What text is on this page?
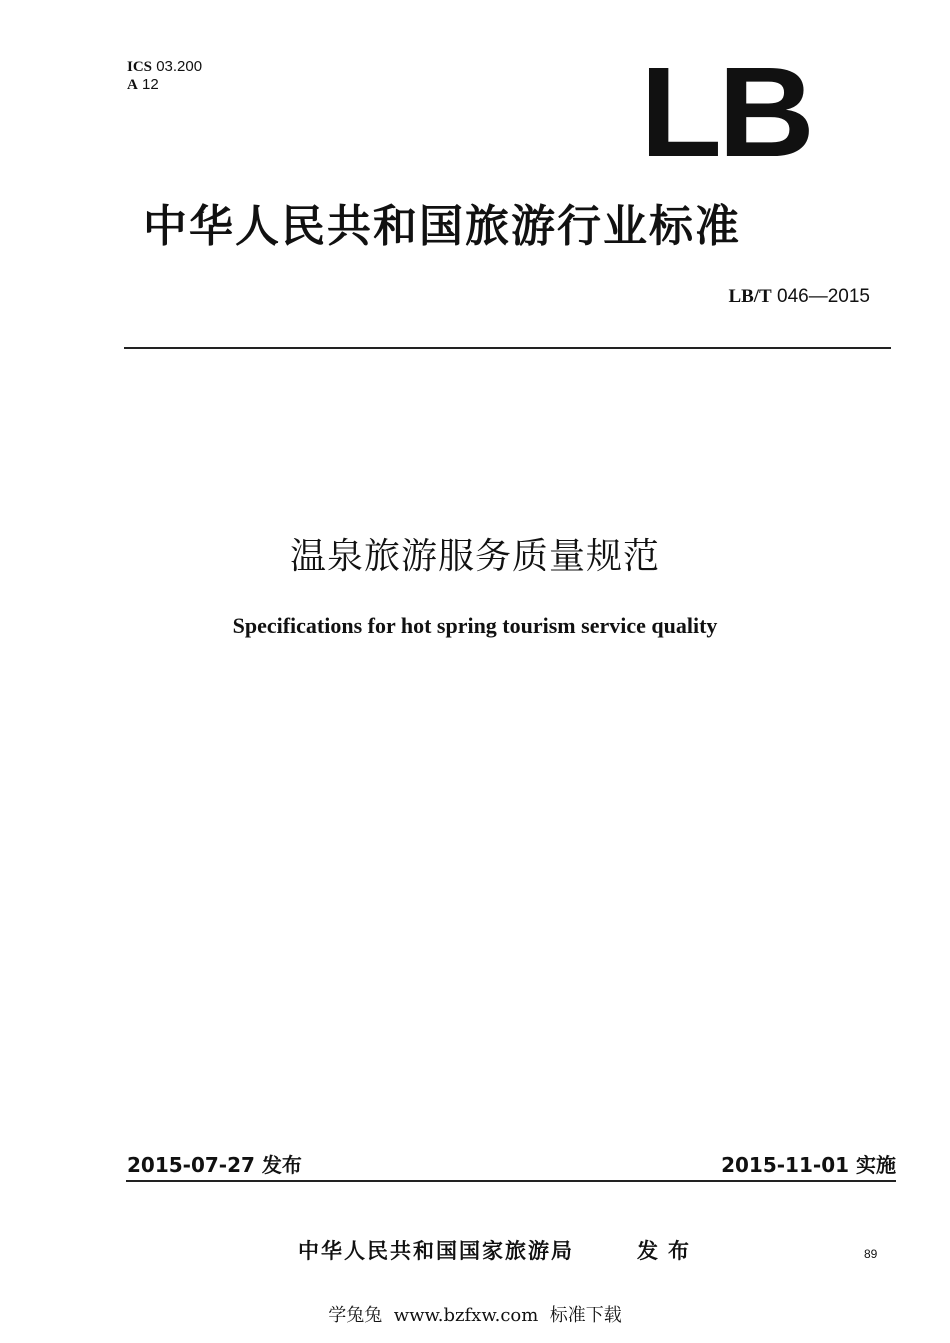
ICS 03.200
A 12	LB
中华人民共和国旅游行业标准
LB/T 046—2015
温泉旅游服务质量规范
Specifications for hot spring tourism service quality
2015-07-27 发布	2015-11-01 实施
中华人民共和国国家旅游局	发布	89
学兔兔  www.bzfxw.com  标准下载
